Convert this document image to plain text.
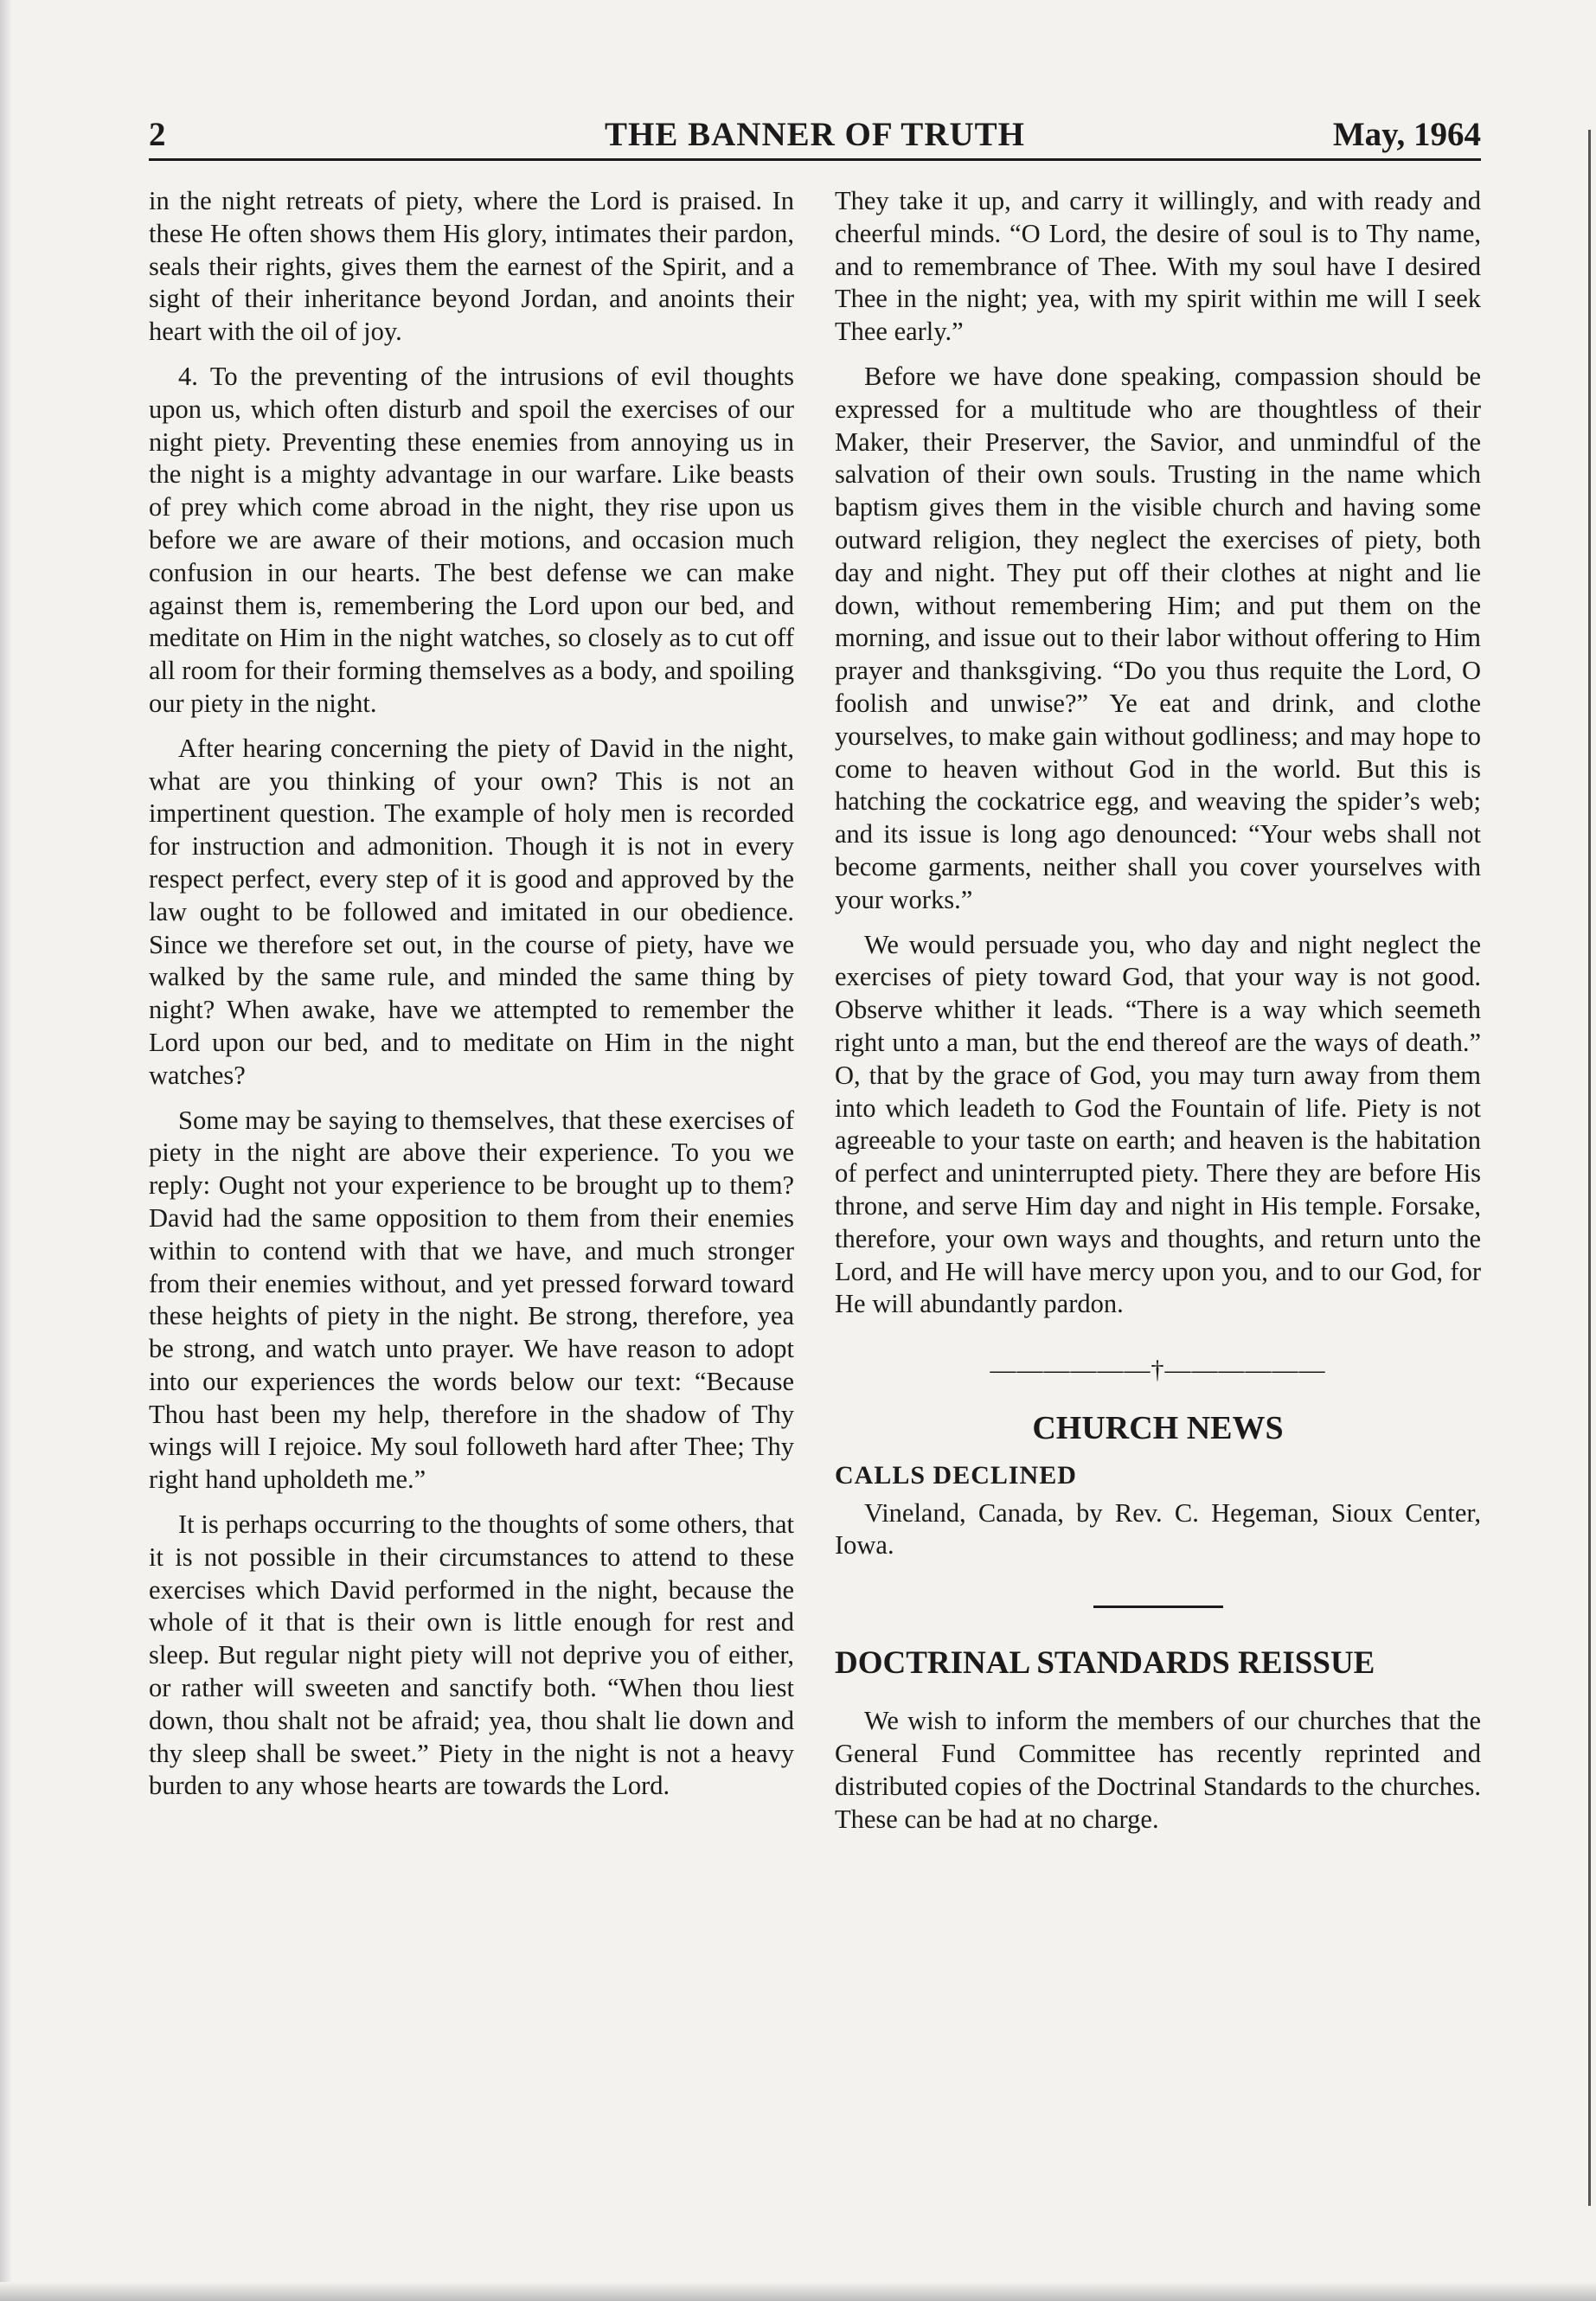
2	THE BANNER OF TRUTH	May, 1964

in the night retreats of piety, where the Lord is praised. In these He often shows them His glory, intimates their pardon, seals their rights, gives them the earnest of the Spirit, and a sight of their inheritance beyond Jordan, and anoints their heart with the oil of joy.

4. To the preventing of the intrusions of evil thoughts upon us, which often disturb and spoil the exercises of our night piety. Preventing these enemies from annoying us in the night is a mighty advantage in our warfare. Like beasts of prey which come abroad in the night, they rise upon us before we are aware of their motions, and occasion much confusion in our hearts. The best defense we can make against them is, remembering the Lord upon our bed, and meditate on Him in the night watches, so closely as to cut off all room for their forming themselves as a body, and spoiling our piety in the night.

After hearing concerning the piety of David in the night, what are you thinking of your own? This is not an impertinent question. The example of holy men is recorded for instruction and admonition. Though it is not in every respect perfect, every step of it is good and approved by the law ought to be followed and imitated in our obedience. Since we therefore set out, in the course of piety, have we walked by the same rule, and minded the same thing by night? When awake, have we attempted to remember the Lord upon our bed, and to meditate on Him in the night watches?

Some may be saying to themselves, that these exercises of piety in the night are above their experience. To you we reply: Ought not your experience to be brought up to them? David had the same opposition to them from their enemies within to contend with that we have, and much stronger from their enemies without, and yet pressed forward toward these heights of piety in the night. Be strong, therefore, yea be strong, and watch unto prayer. We have reason to adopt into our experiences the words below our text: “Because Thou hast been my help, therefore in the shadow of Thy wings will I rejoice. My soul followeth hard after Thee; Thy right hand upholdeth me.”

It is perhaps occurring to the thoughts of some others, that it is not possible in their circumstances to attend to these exercises which David performed in the night, because the whole of it that is their own is little enough for rest and sleep. But regular night piety will not deprive you of either, or rather will sweeten and sanctify both. “When thou liest down, thou shalt not be afraid; yea, thou shalt lie down and thy sleep shall be sweet.” Piety in the night is not a heavy burden to any whose hearts are towards the Lord.

They take it up, and carry it willingly, and with ready and cheerful minds. “O Lord, the desire of soul is to Thy name, and to remembrance of Thee. With my soul have I desired Thee in the night; yea, with my spirit within me will I seek Thee early.”

Before we have done speaking, compassion should be expressed for a multitude who are thoughtless of their Maker, their Preserver, the Savior, and unmindful of the salvation of their own souls. Trusting in the name which baptism gives them in the visible church and having some outward religion, they neglect the exercises of piety, both day and night. They put off their clothes at night and lie down, without remembering Him; and put them on the morning, and issue out to their labor without offering to Him prayer and thanksgiving. “Do you thus requite the Lord, O foolish and unwise?” Ye eat and drink, and clothe yourselves, to make gain without godliness; and may hope to come to heaven without God in the world. But this is hatching the cockatrice egg, and weaving the spider’s web; and its issue is long ago denounced: “Your webs shall not become garments, neither shall you cover yourselves with your works.”

We would persuade you, who day and night neglect the exercises of piety toward God, that your way is not good. Observe whither it leads. “There is a way which seemeth right unto a man, but the end thereof are the ways of death.” O, that by the grace of God, you may turn away from them into which leadeth to God the Fountain of life. Piety is not agreeable to your taste on earth; and heaven is the habitation of perfect and uninterrupted piety. There they are before His throne, and serve Him day and night in His temple. Forsake, therefore, your own ways and thoughts, and return unto the Lord, and He will have mercy upon you, and to our God, for He will abundantly pardon.

——————†——————
CHURCH NEWS
CALLS DECLINED

Vineland, Canada, by Rev. C. Hegeman, Sioux Center, Iowa.

DOCTRINAL STANDARDS REISSUE

We wish to inform the members of our churches that the General Fund Committee has recently reprinted and distributed copies of the Doctrinal Standards to the churches. These can be had at no charge.
